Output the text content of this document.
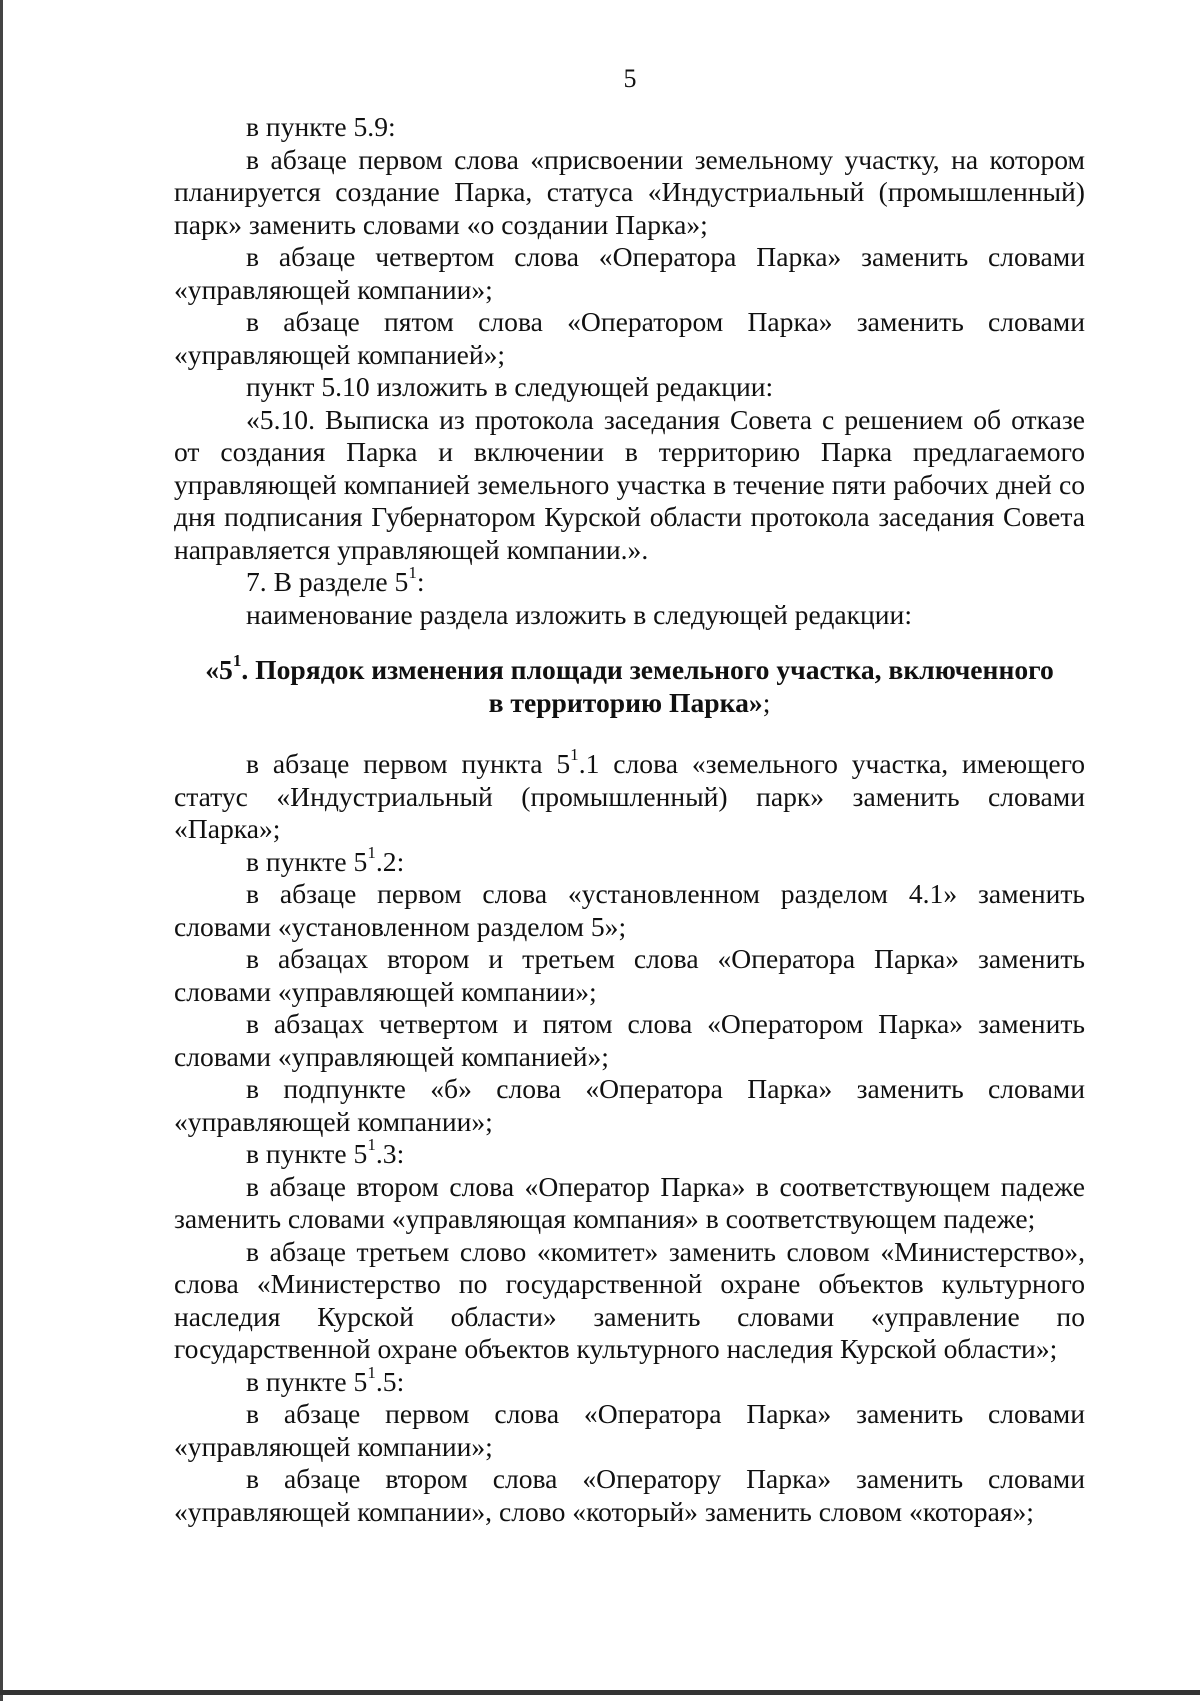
5

в пункте 5.9:

в абзаце первом слова «присвоении земельному участку, на котором планируется создание Парка, статуса «Индустриальный (промышленный) парк» заменить словами «о создании Парка»;

в абзаце четвертом слова «Оператора Парка» заменить словами «управляющей компании»;

в абзаце пятом слова «Оператором Парка» заменить словами «управляющей компанией»;

пункт 5.10 изложить в следующей редакции:

«5.10. Выписка из протокола заседания Совета с решением об отказе от создания Парка и включении в территорию Парка предлагаемого управляющей компанией земельного участка в течение пяти рабочих дней со дня подписания Губернатором Курской области протокола заседания Совета направляется управляющей компании.».

7. В разделе $5^1$:

наименование раздела изложить в следующей редакции:

«$5^1$. Порядок изменения площади земельного участка, включенного

в территорию Парка»;

в абзаце первом пункта $5^1.1$ слова «земельного участка, имеющего статус «Индустриальный (промышленный) парк» заменить словами «Парка»;

в пункте $5^1.2$:

в абзаце первом слова «установленном разделом 4.1» заменить словами «установленном разделом 5»;

в абзацах втором и третьем слова «Оператора Парка» заменить словами «управляющей компании»;

в абзацах четвертом и пятом слова «Оператором Парка» заменить словами «управляющей компанией»;

в подпункте «б» слова «Оператора Парка» заменить словами «управляющей компании»;

в пункте $5^1.3$:

в абзаце втором слова «Оператор Парка» в соответствующем падеже заменить словами «управляющая компания» в соответствующем падеже;

в абзаце третьем слово «комитет» заменить словом «Министерство», слова «Министерство по государственной охране объектов культурного наследия Курской области» заменить словами «управление по государственной охране объектов культурного наследия Курской области»;

в пункте $5^1.5$:

в абзаце первом слова «Оператора Парка» заменить словами «управляющей компании»;

в абзаце втором слова «Оператору Парка» заменить словами «управляющей компании», слово «который» заменить словом «которая»;
